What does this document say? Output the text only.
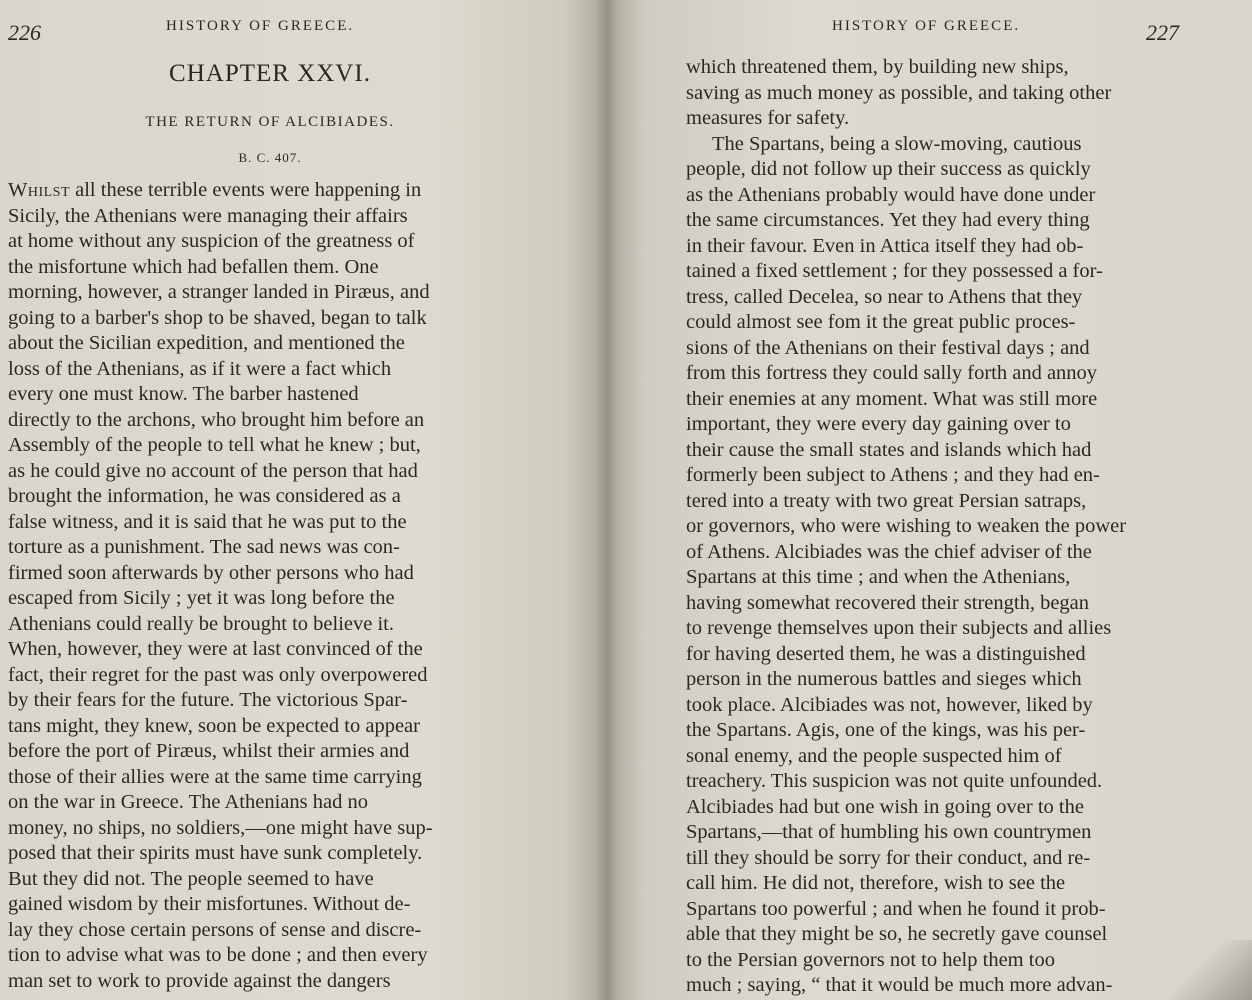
226	HISTORY OF GREECE.
CHAPTER XXVI.
THE RETURN OF ALCIBIADES.
B. C. 407.
Whilst all these terrible events were happening in
Sicily, the Athenians were managing their affairs
at home without any suspicion of the greatness of
the misfortune which had befallen them. One
morning, however, a stranger landed in Piræus, and
going to a barber's shop to be shaved, began to talk
about the Sicilian expedition, and mentioned the
loss of the Athenians, as if it were a fact which
every one must know. The barber hastened
directly to the archons, who brought him before an
Assembly of the people to tell what he knew ; but,
as he could give no account of the person that had
brought the information, he was considered as a
false witness, and it is said that he was put to the
torture as a punishment. The sad news was con-
firmed soon afterwards by other persons who had
escaped from Sicily ; yet it was long before the
Athenians could really be brought to believe it.
When, however, they were at last convinced of the
fact, their regret for the past was only overpowered
by their fears for the future. The victorious Spar-
tans might, they knew, soon be expected to appear
before the port of Piræus, whilst their armies and
those of their allies were at the same time carrying
on the war in Greece. The Athenians had no
money, no ships, no soldiers,—one might have sup-
posed that their spirits must have sunk completely.
But they did not. The people seemed to have
gained wisdom by their misfortunes. Without de-
lay they chose certain persons of sense and discre-
tion to advise what was to be done ; and then every
man set to work to provide against the dangers
HISTORY OF GREECE.	227
which threatened them, by building new ships,
saving as much money as possible, and taking other
measures for safety.
The Spartans, being a slow-moving, cautious
people, did not follow up their success as quickly
as the Athenians probably would have done under
the same circumstances. Yet they had every thing
in their favour. Even in Attica itself they had ob-
tained a fixed settlement ; for they possessed a for-
tress, called Decelea, so near to Athens that they
could almost see fom it the great public proces-
sions of the Athenians on their festival days ; and
from this fortress they could sally forth and annoy
their enemies at any moment. What was still more
important, they were every day gaining over to
their cause the small states and islands which had
formerly been subject to Athens ; and they had en-
tered into a treaty with two great Persian satraps,
or governors, who were wishing to weaken the power
of Athens. Alcibiades was the chief adviser of the
Spartans at this time ; and when the Athenians,
having somewhat recovered their strength, began
to revenge themselves upon their subjects and allies
for having deserted them, he was a distinguished
person in the numerous battles and sieges which
took place. Alcibiades was not, however, liked by
the Spartans. Agis, one of the kings, was his per-
sonal enemy, and the people suspected him of
treachery. This suspicion was not quite unfounded.
Alcibiades had but one wish in going over to the
Spartans,—that of humbling his own countrymen
till they should be sorry for their conduct, and re-
call him. He did not, therefore, wish to see the
Spartans too powerful ; and when he found it prob-
able that they might be so, he secretly gave counsel
to the Persian governors not to help them too
much ; saying, “ that it would be much more advan-
